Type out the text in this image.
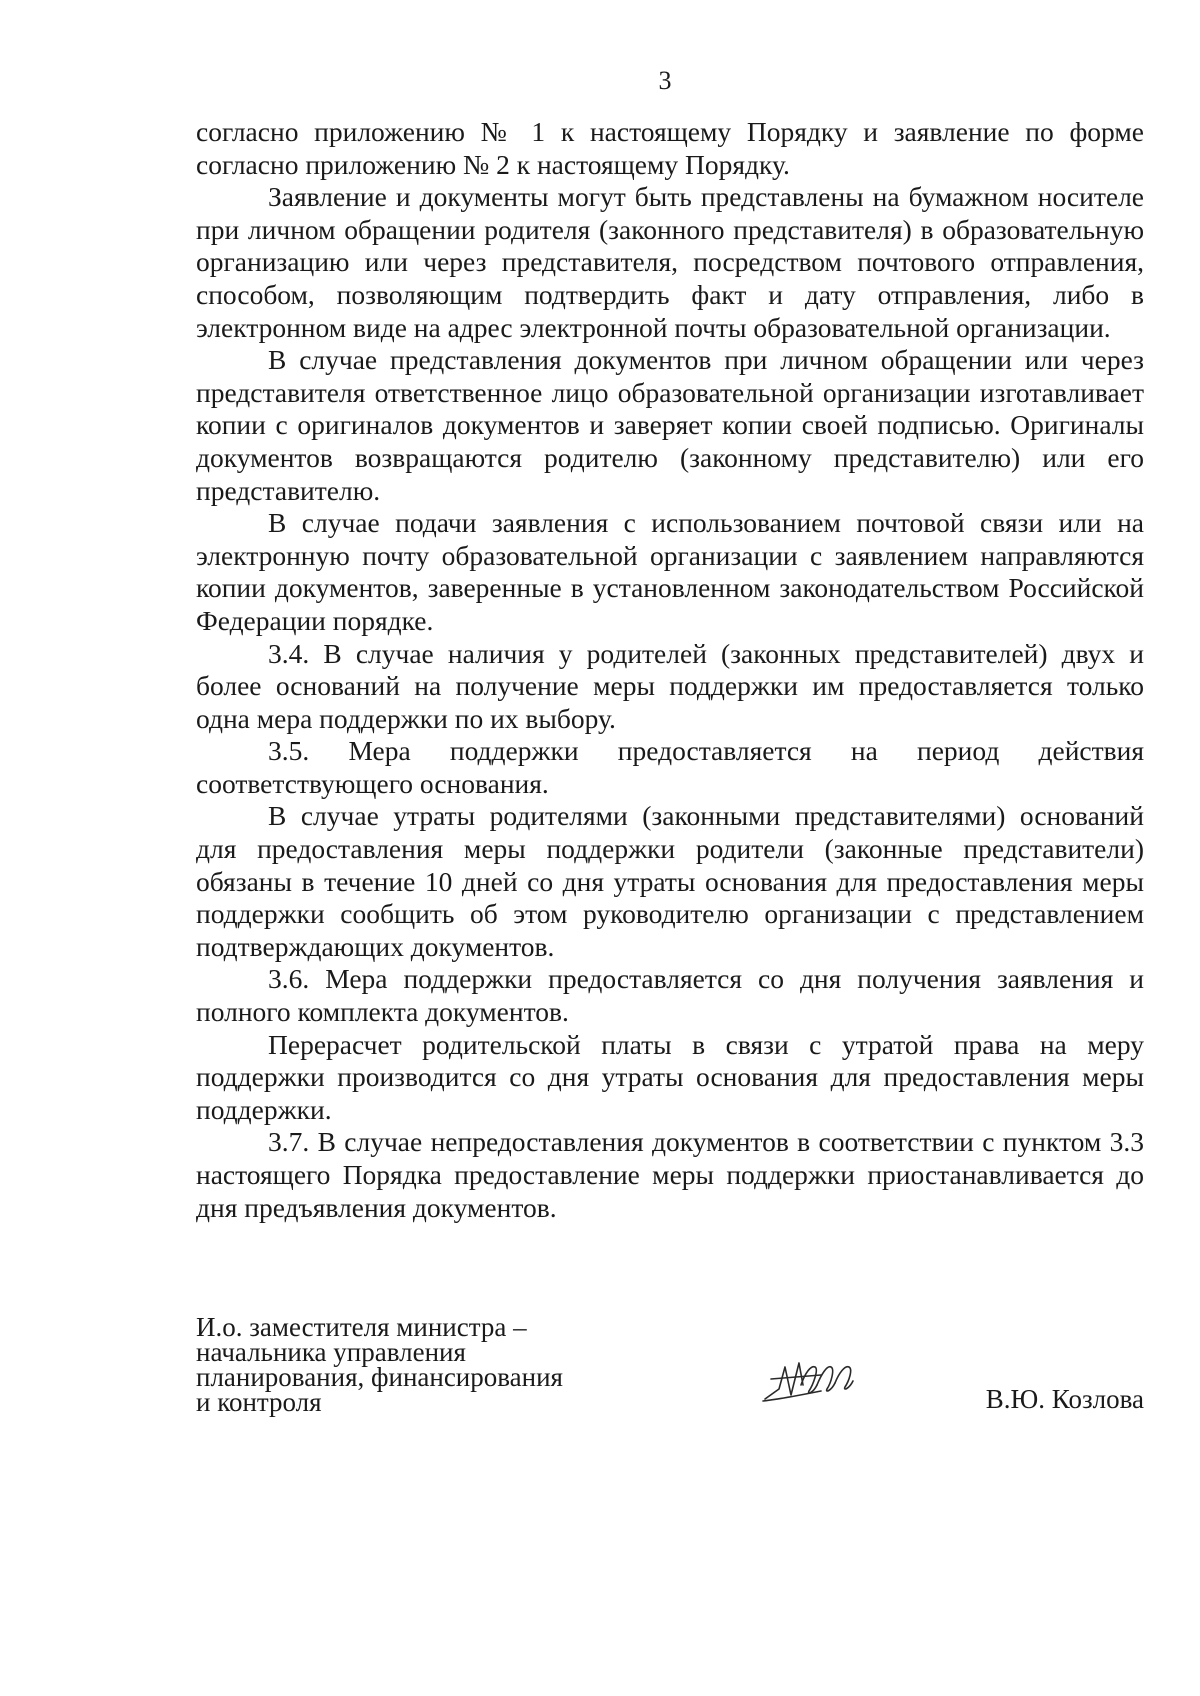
3

согласно приложению № 1 к настоящему Порядку и заявление по форме согласно приложению № 2 к настоящему Порядку.

Заявление и документы могут быть представлены на бумажном носителе при личном обращении родителя (законного представителя) в образовательную организацию или через представителя, посредством почтового отправления, способом, позволяющим подтвердить факт и дату отправления, либо в электронном виде на адрес электронной почты образовательной организации.

В случае представления документов при личном обращении или через представителя ответственное лицо образовательной организации изготавливает копии с оригиналов документов и заверяет копии своей подписью. Оригиналы документов возвращаются родителю (законному представителю) или его представителю.

В случае подачи заявления с использованием почтовой связи или на электронную почту образовательной организации с заявлением направляются копии документов, заверенные в установленном законодательством Российской Федерации порядке.

3.4. В случае наличия у родителей (законных представителей) двух и более оснований на получение меры поддержки им предоставляется только одна мера поддержки по их выбору.

3.5. Мера поддержки предоставляется на период действия соответствующего основания.

В случае утраты родителями (законными представителями) оснований для предоставления меры поддержки родители (законные представители) обязаны в течение 10 дней со дня утраты основания для предоставления меры поддержки сообщить об этом руководителю организации с представлением подтверждающих документов.

3.6. Мера поддержки предоставляется со дня получения заявления и полного комплекта документов.

Перерасчет родительской платы в связи с утратой права на меру поддержки производится со дня утраты основания для предоставления меры поддержки.

3.7. В случае непредоставления документов в соответствии с пунктом 3.3 настоящего Порядка предоставление меры поддержки приостанавливается до дня предъявления документов.

И.о. заместителя министра –
начальника управления
планирования, финансирования
и контроля	В.Ю. Козлова
